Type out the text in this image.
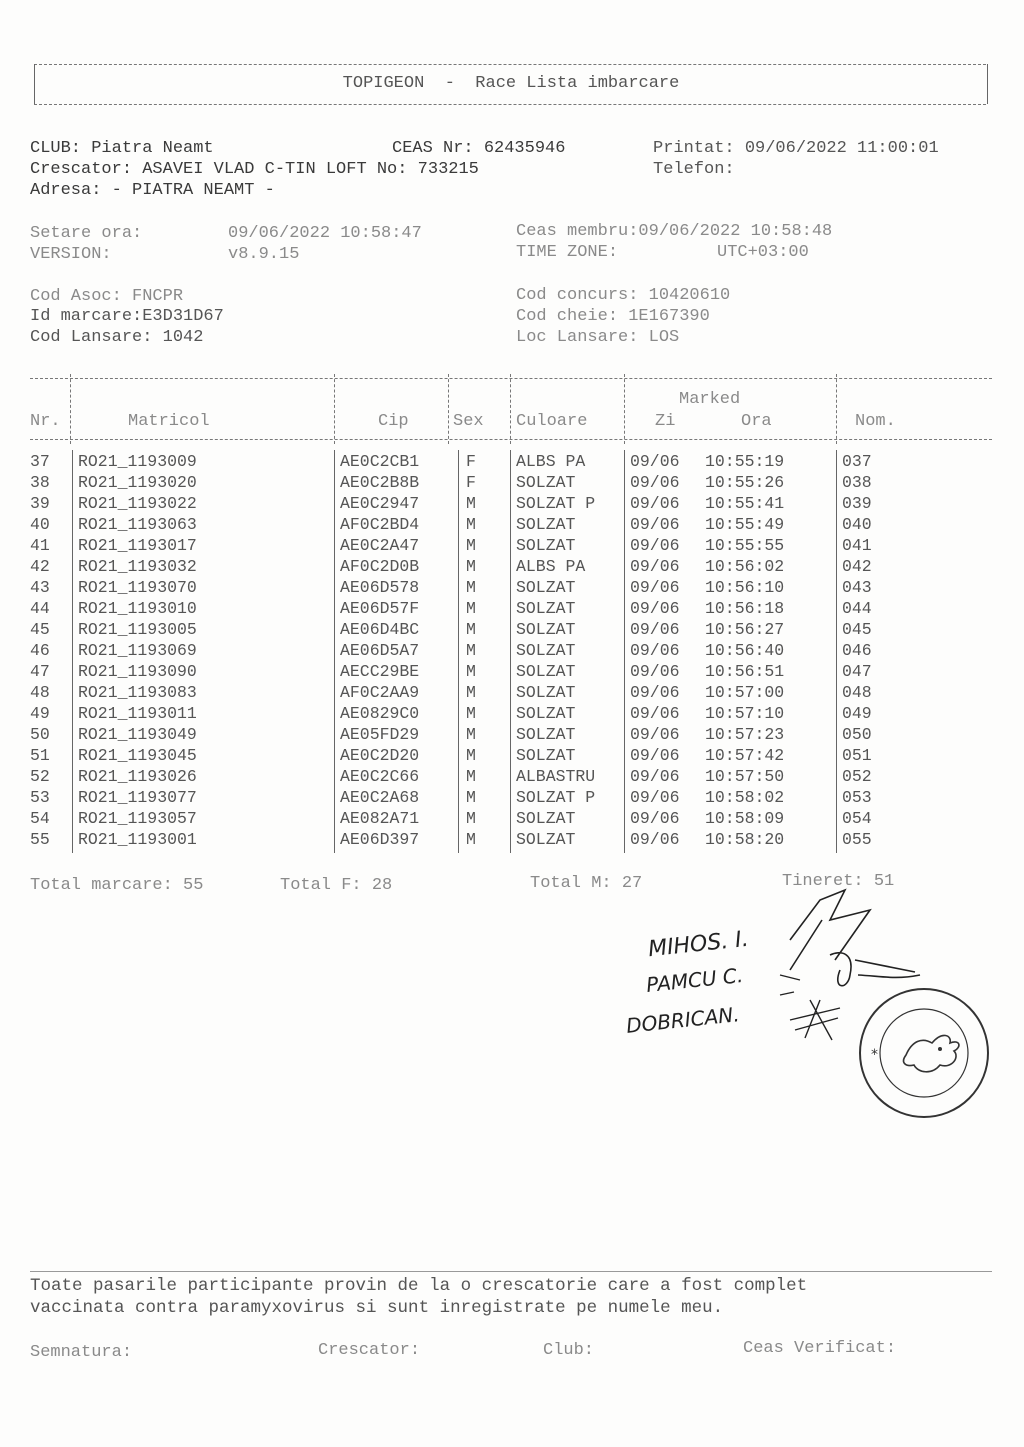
TOPIGEON  -  Race Lista imbarcare
CLUB: Piatra Neamt	CEAS Nr: 62435946	Printat: 09/06/2022 11:00:01
Crescator: ASAVEI VLAD C-TIN LOFT No: 733215	Telefon:
Adresa: - PIATRA NEAMT -
Setare ora:	09/06/2022 10:58:47	Ceas membru:09/06/2022 10:58:48
VERSION:	v8.9.15	TIME ZONE:	UTC+03:00
Cod Asoc: FNCPR
Id marcare:E3D31D67
Cod Lansare: 1042
Cod concurs: 10420610
Cod cheie: 1E167390
Loc Lansare: LOS
Marked
Nr.	Matricol	Cip	Sex Culoare	Zi	Ora	Nom.
37 RO21_1193009	AE0C2CB1	F ALBS PA	09/06 10:55:19	037
38 RO21_1193020	AE0C2B8B	F SOLZAT	09/06 10:55:26	038
39 RO21_1193022	AE0C2947	M SOLZAT P 09/06 10:55:41	039
40 RO21_1193063	AF0C2BD4	M SOLZAT	09/06 10:55:49	040
41 RO21_1193017	AE0C2A47	M SOLZAT	09/06 10:55:55	041
42 RO21_1193032	AF0C2D0B	M ALBS PA	09/06 10:56:02	042
43 RO21_1193070	AE06D578	M SOLZAT	09/06 10:56:10	043
44 RO21_1193010	AE06D57F	M SOLZAT	09/06 10:56:18	044
45 RO21_1193005	AE06D4BC	M SOLZAT	09/06 10:56:27	045
46 RO21_1193069	AE06D5A7	M SOLZAT	09/06 10:56:40	046
47 RO21_1193090	AECC29BE	M SOLZAT	09/06 10:56:51	047
48 RO21_1193083	AF0C2AA9	M SOLZAT	09/06 10:57:00	048
49 RO21_1193011	AE0829C0	M SOLZAT	09/06 10:57:10	049
50 RO21_1193049	AE05FD29	M SOLZAT	09/06 10:57:23	050
51 RO21_1193045	AE0C2D20	M SOLZAT	09/06 10:57:42	051
52 RO21_1193026	AE0C2C66	M ALBASTRU 09/06 10:57:50	052
53 RO21_1193077	AE0C2A68	M SOLZAT P 09/06 10:58:02	053
54 RO21_1193057	AE082A71	M SOLZAT	09/06 10:58:09	054
55 RO21_1193001	AE06D397	M SOLZAT	09/06 10:58:20	055
Total marcare: 55	Total F: 28	Total M: 27	Tineret: 51
MIHOS. I.
PAMCU C.
DOBRICAN.
*
Toate pasarile participante provin de la o crescatorie care a fost complet
vaccinata contra paramyxovirus si sunt inregistrate pe numele meu.
Semnatura:	Crescator:	Club:	Ceas Verificat:
